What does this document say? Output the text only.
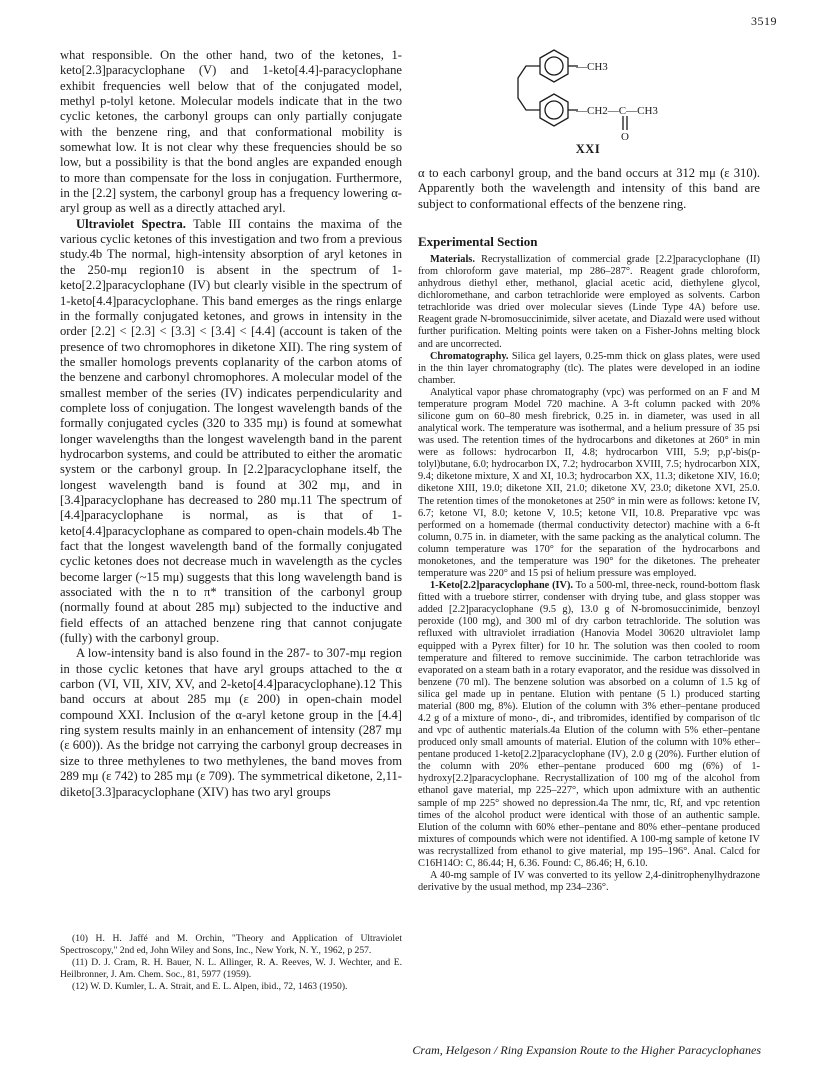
3519

what responsible. On the other hand, two of the ketones, 1-keto[2.3]paracyclophane (V) and 1-keto[4.4]-paracyclophane exhibit frequencies well below that of the conjugated model, methyl p-tolyl ketone. Molecular models indicate that in the two cyclic ketones, the carbonyl groups can only partially conjugate with the benzene ring, and that conformational mobility is somewhat low. It is not clear why these frequencies should be so low, but a possibility is that the bond angles are expanded enough to more than compensate for the loss in conjugation. Furthermore, in the [2.2] system, the carbonyl group has a frequency lowering α-aryl group as well as a directly attached aryl.

Ultraviolet Spectra. Table III contains the maxima of the various cyclic ketones of this investigation and two from a previous study.4b The normal, high-intensity absorption of aryl ketones in the 250-mμ region10 is absent in the spectrum of 1-keto[2.2]paracyclophane (IV) but clearly visible in the spectrum of 1-keto[4.4]paracyclophane. This band emerges as the rings enlarge in the formally conjugated ketones, and grows in intensity in the order [2.2] < [2.3] < [3.3] < [3.4] < [4.4] (account is taken of the presence of two chromophores in diketone XII). The ring system of the smaller homologs prevents coplanarity of the carbon atoms of the benzene and carbonyl chromophores. A molecular model of the smallest member of the series (IV) indicates perpendicularity and complete loss of conjugation. The longest wavelength bands of the formally conjugated cycles (320 to 335 mμ) is found at somewhat longer wavelengths than the longest wavelength band in the parent hydrocarbon systems, and could be attributed to either the aromatic system or the carbonyl group. In [2.2]paracyclophane itself, the longest wavelength band is found at 302 mμ, and in [3.4]paracyclophane has decreased to 280 mμ.11 The spectrum of [4.4]paracyclophane is normal, as is that of 1-keto[4.4]paracyclophane as compared to open-chain models.4b The fact that the longest wavelength band of the formally conjugated cyclic ketones does not decrease much in wavelength as the cycles become larger (~15 mμ) suggests that this long wavelength band is associated with the n to π* transition of the carbonyl group (normally found at about 285 mμ) subjected to the inductive and field effects of an attached benzene ring that cannot conjugate (fully) with the carbonyl group.

A low-intensity band is also found in the 287- to 307-mμ region in those cyclic ketones that have aryl groups attached to the α carbon (VI, VII, XIV, XV, and 2-keto[4.4]paracyclophane).12 This band occurs at about 285 mμ (ε 200) in open-chain model compound XXI. Inclusion of the α-aryl ketone group in the [4.4] ring system results mainly in an enhancement of intensity (287 mμ (ε 600)). As the bridge not carrying the carbonyl group decreases in size to three methylenes to two methylenes, the band moves from 289 mμ (ε 742) to 285 mμ (ε 709). The symmetrical diketone, 2,11-diketo[3.3]paracyclophane (XIV) has two aryl groups

(10) H. H. Jaffé and M. Orchin, "Theory and Application of Ultraviolet Spectroscopy," 2nd ed, John Wiley and Sons, Inc., New York, N. Y., 1962, p 257.

(11) D. J. Cram, R. H. Bauer, N. L. Allinger, R. A. Reeves, W. J. Wechter, and E. Heilbronner, J. Am. Chem. Soc., 81, 5977 (1959).

(12) W. D. Kumler, L. A. Strait, and E. L. Alpen, ibid., 72, 1463 (1950).

—CH3
—CH2—C—CH3
O
XXI
α to each carbonyl group, and the band occurs at 312 mμ (ε 310). Apparently both the wavelength and intensity of this band are subject to conformational effects of the benzene ring.
Experimental Section

Materials. Recrystallization of commercial grade [2.2]paracyclophane (II) from chloroform gave material, mp 286–287°. Reagent grade chloroform, anhydrous diethyl ether, methanol, glacial acetic acid, diethylene glycol, dichloromethane, and carbon tetrachloride were employed as solvents. Carbon tetrachloride was dried over molecular sieves (Linde Type 4A) before use. Reagent grade N-bromosuccinimide, silver acetate, and Diazald were used without further purification. Melting points were taken on a Fisher-Johns melting block and are uncorrected.

Chromatography. Silica gel layers, 0.25-mm thick on glass plates, were used in the thin layer chromatography (tlc). The plates were developed in an iodine chamber.

Analytical vapor phase chromatography (vpc) was performed on an F and M temperature program Model 720 machine. A 3-ft column packed with 20% silicone gum on 60–80 mesh firebrick, 0.25 in. in diameter, was used in all analytical work. The temperature was isothermal, and a helium pressure of 35 psi was used. The retention times of the hydrocarbons and diketones at 260° in min were as follows: hydrocarbon II, 4.8; hydrocarbon VIII, 5.9; p,p'-bis(p-tolyl)butane, 6.0; hydrocarbon IX, 7.2; hydrocarbon XVIII, 7.5; hydrocarbon XIX, 9.4; diketone mixture, X and XI, 10.3; hydrocarbon XX, 11.3; diketone XIV, 16.0; diketone XIII, 19.0; diketone XII, 21.0; diketone XV, 23.0; diketone XVI, 25.0. The retention times of the monoketones at 250° in min were as follows: ketone IV, 6.7; ketone VI, 8.0; ketone V, 10.5; ketone VII, 10.8. Preparative vpc was performed on a homemade (thermal conductivity detector) machine with a 6-ft column, 0.75 in. in diameter, with the same packing as the analytical column. The column temperature was 170° for the separation of the hydrocarbons and monoketones, and the temperature was 190° for the diketones. The preheater temperature was 220° and 15 psi of helium pressure was employed.

1-Keto[2.2]paracyclophane (IV). To a 500-ml, three-neck, round-bottom flask fitted with a truebore stirrer, condenser with drying tube, and glass stopper was added [2.2]paracyclophane (9.5 g), 13.0 g of N-bromosuccinimide, benzoyl peroxide (100 mg), and 300 ml of dry carbon tetrachloride. The solution was refluxed with ultraviolet irradiation (Hanovia Model 30620 ultraviolet lamp equipped with a Pyrex filter) for 10 hr. The solution was then cooled to room temperature and filtered to remove succinimide. The carbon tetrachloride was evaporated on a steam bath in a rotary evaporator, and the residue was dissolved in benzene (70 ml). The benzene solution was absorbed on a column of 1.5 kg of silica gel made up in pentane. Elution with pentane (5 l.) produced starting material (800 mg, 8%). Elution of the column with 3% ether–pentane produced 4.2 g of a mixture of mono-, di-, and tribromides, identified by comparison of tlc and vpc of authentic materials.4a Elution of the column with 5% ether–pentane produced only small amounts of material. Elution of the column with 10% ether–pentane produced 1-keto[2.2]paracyclophane (IV), 2.0 g (20%). Further elution of the column with 20% ether–pentane produced 600 mg (6%) of 1-hydroxy[2.2]paracyclophane. Recrystallization of 100 mg of the alcohol from ethanol gave material, mp 225–227°, which upon admixture with an authentic sample of mp 225° showed no depression.4a The nmr, tlc, Rf, and vpc retention times of the alcohol product were identical with those of an authentic sample. Elution of the column with 60% ether–pentane and 80% ether–pentane produced mixtures of compounds which were not identified. A 100-mg sample of ketone IV was recrystallized from ethanol to give material, mp 195–196°. Anal. Calcd for C16H14O: C, 86.44; H, 6.36. Found: C, 86.46; H, 6.10.

A 40-mg sample of IV was converted to its yellow 2,4-dinitrophenylhydrazone derivative by the usual method, mp 234–236°.

Cram, Helgeson / Ring Expansion Route to the Higher Paracyclophanes
